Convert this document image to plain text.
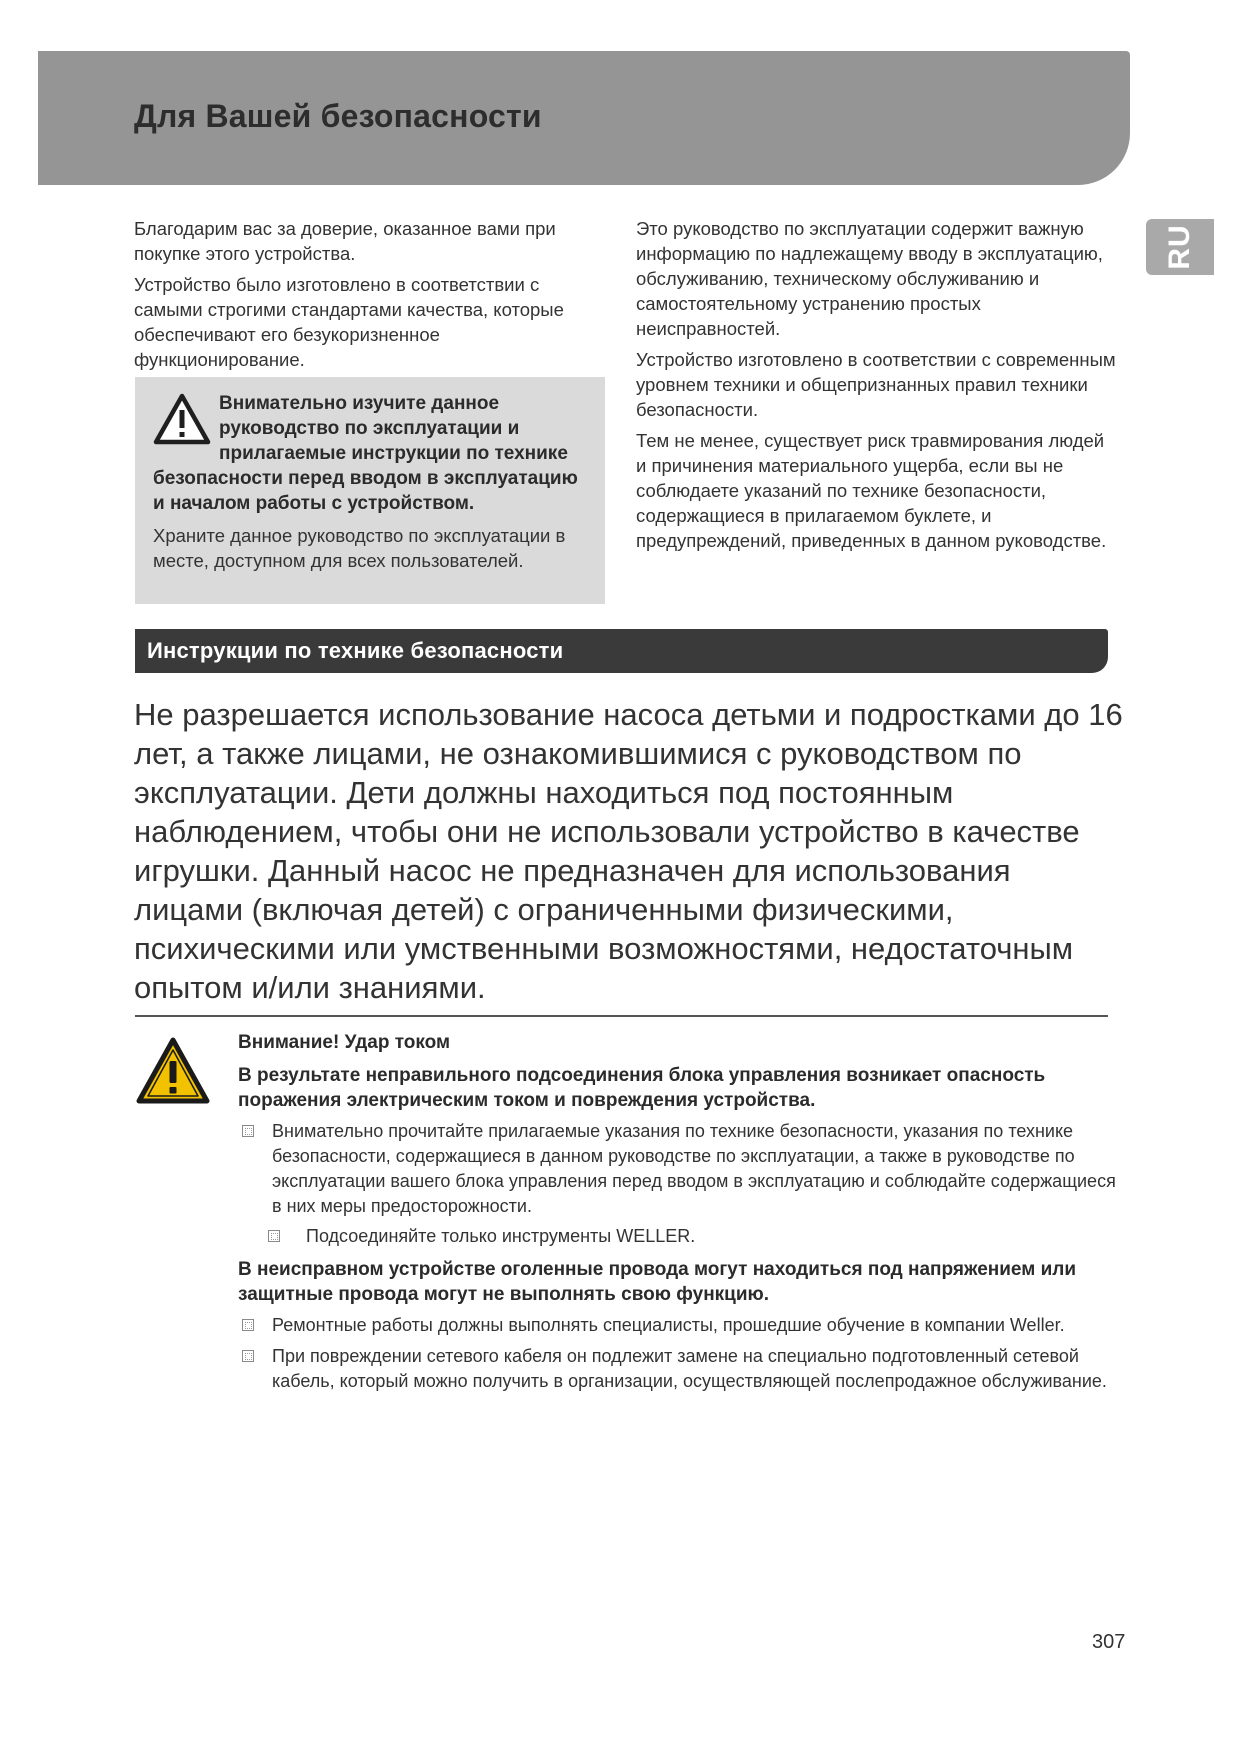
Для Вашей безопасности
RU

Благодарим вас за доверие, оказанное вами при покупке этого устройства.

Устройство было изготовлено в соответствии с самыми строгими стандартами качества, которые обеспечивают его безукоризненное функционирование.

Внимательно изучите данное руководство по эксплуатации и прилагаемые инструкции по технике безопасности перед вводом в эксплуатацию и началом работы с устройством.
Храните данное руководство по эксплуатации в месте, доступном для всех пользователей.

Это руководство по эксплуатации содержит важную информацию по надлежащему вводу в эксплуатацию, обслуживанию, техническому обслуживанию и самостоятельному устранению простых неисправностей.

Устройство изготовлено в соответствии с современным уровнем техники и общепризнанных правил техники безопасности.

Тем не менее, существует риск травмирования людей и причинения материального ущерба, если вы не соблюдаете указаний по технике безопасности, содержащиеся в прилагаемом буклете, и предупреждений, приведенных в данном руководстве.

Инструкции по технике безопасности

Не разрешается использование насоса детьми и подростками до 16 лет, а также лицами, не ознакомившимися с руководством по эксплуатации. Дети должны находиться под постоянным наблюдением, чтобы они не использовали устройство в качестве игрушки. Данный насос не предназначен для использования лицами (включая детей) с ограниченными физическими, психическими или умственными возможностями, недостаточным опытом и/или знаниями.

Внимание! Удар током
В результате неправильного подсоединения блока управления возникает опасность поражения электрическим током и повреждения устройства.
Внимательно прочитайте прилагаемые указания по технике безопасности, указания по технике безопасности, содержащиеся в данном руководстве по эксплуатации, а также в руководстве по эксплуатации вашего блока управления перед вводом в эксплуатацию и соблюдайте содержащиеся в них меры предосторожности.
Подсоединяйте только инструменты WELLER.
В неисправном устройстве оголенные провода могут находиться под напряжением или защитные провода могут не выполнять свою функцию.
Ремонтные работы должны выполнять специалисты, прошедшие обучение в компании Weller.
При повреждении сетевого кабеля он подлежит замене на специально подготовленный сетевой кабель, который можно получить в организации, осуществляющей послепродажное обслуживание.
307
